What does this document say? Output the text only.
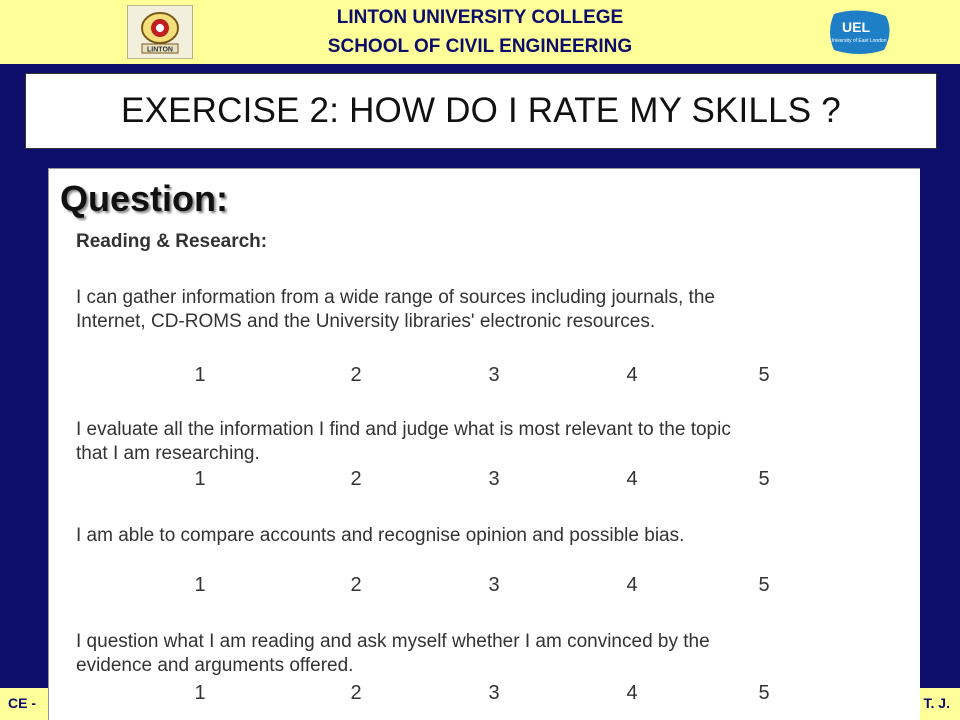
LINTON
LINTON UNIVERSITY COLLEGE
SCHOOL OF CIVIL ENGINEERING
UEL
University of East London
EXERCISE 2: HOW DO I RATE MY SKILLS ?
CE -	T. J.
Question:
Reading & Research:
I can gather information from a wide range of sources including journals, the
Internet, CD-ROMS and the University libraries' electronic resources.
1	2	3	4	5
I evaluate all the information I find and judge what is most relevant to the topic
that I am researching.
1	2	3	4	5
I am able to compare accounts and recognise opinion and possible bias.
1	2	3	4	5
I question what I am reading and ask myself whether I am convinced by the
evidence and arguments offered.
1	2	3	4	5
